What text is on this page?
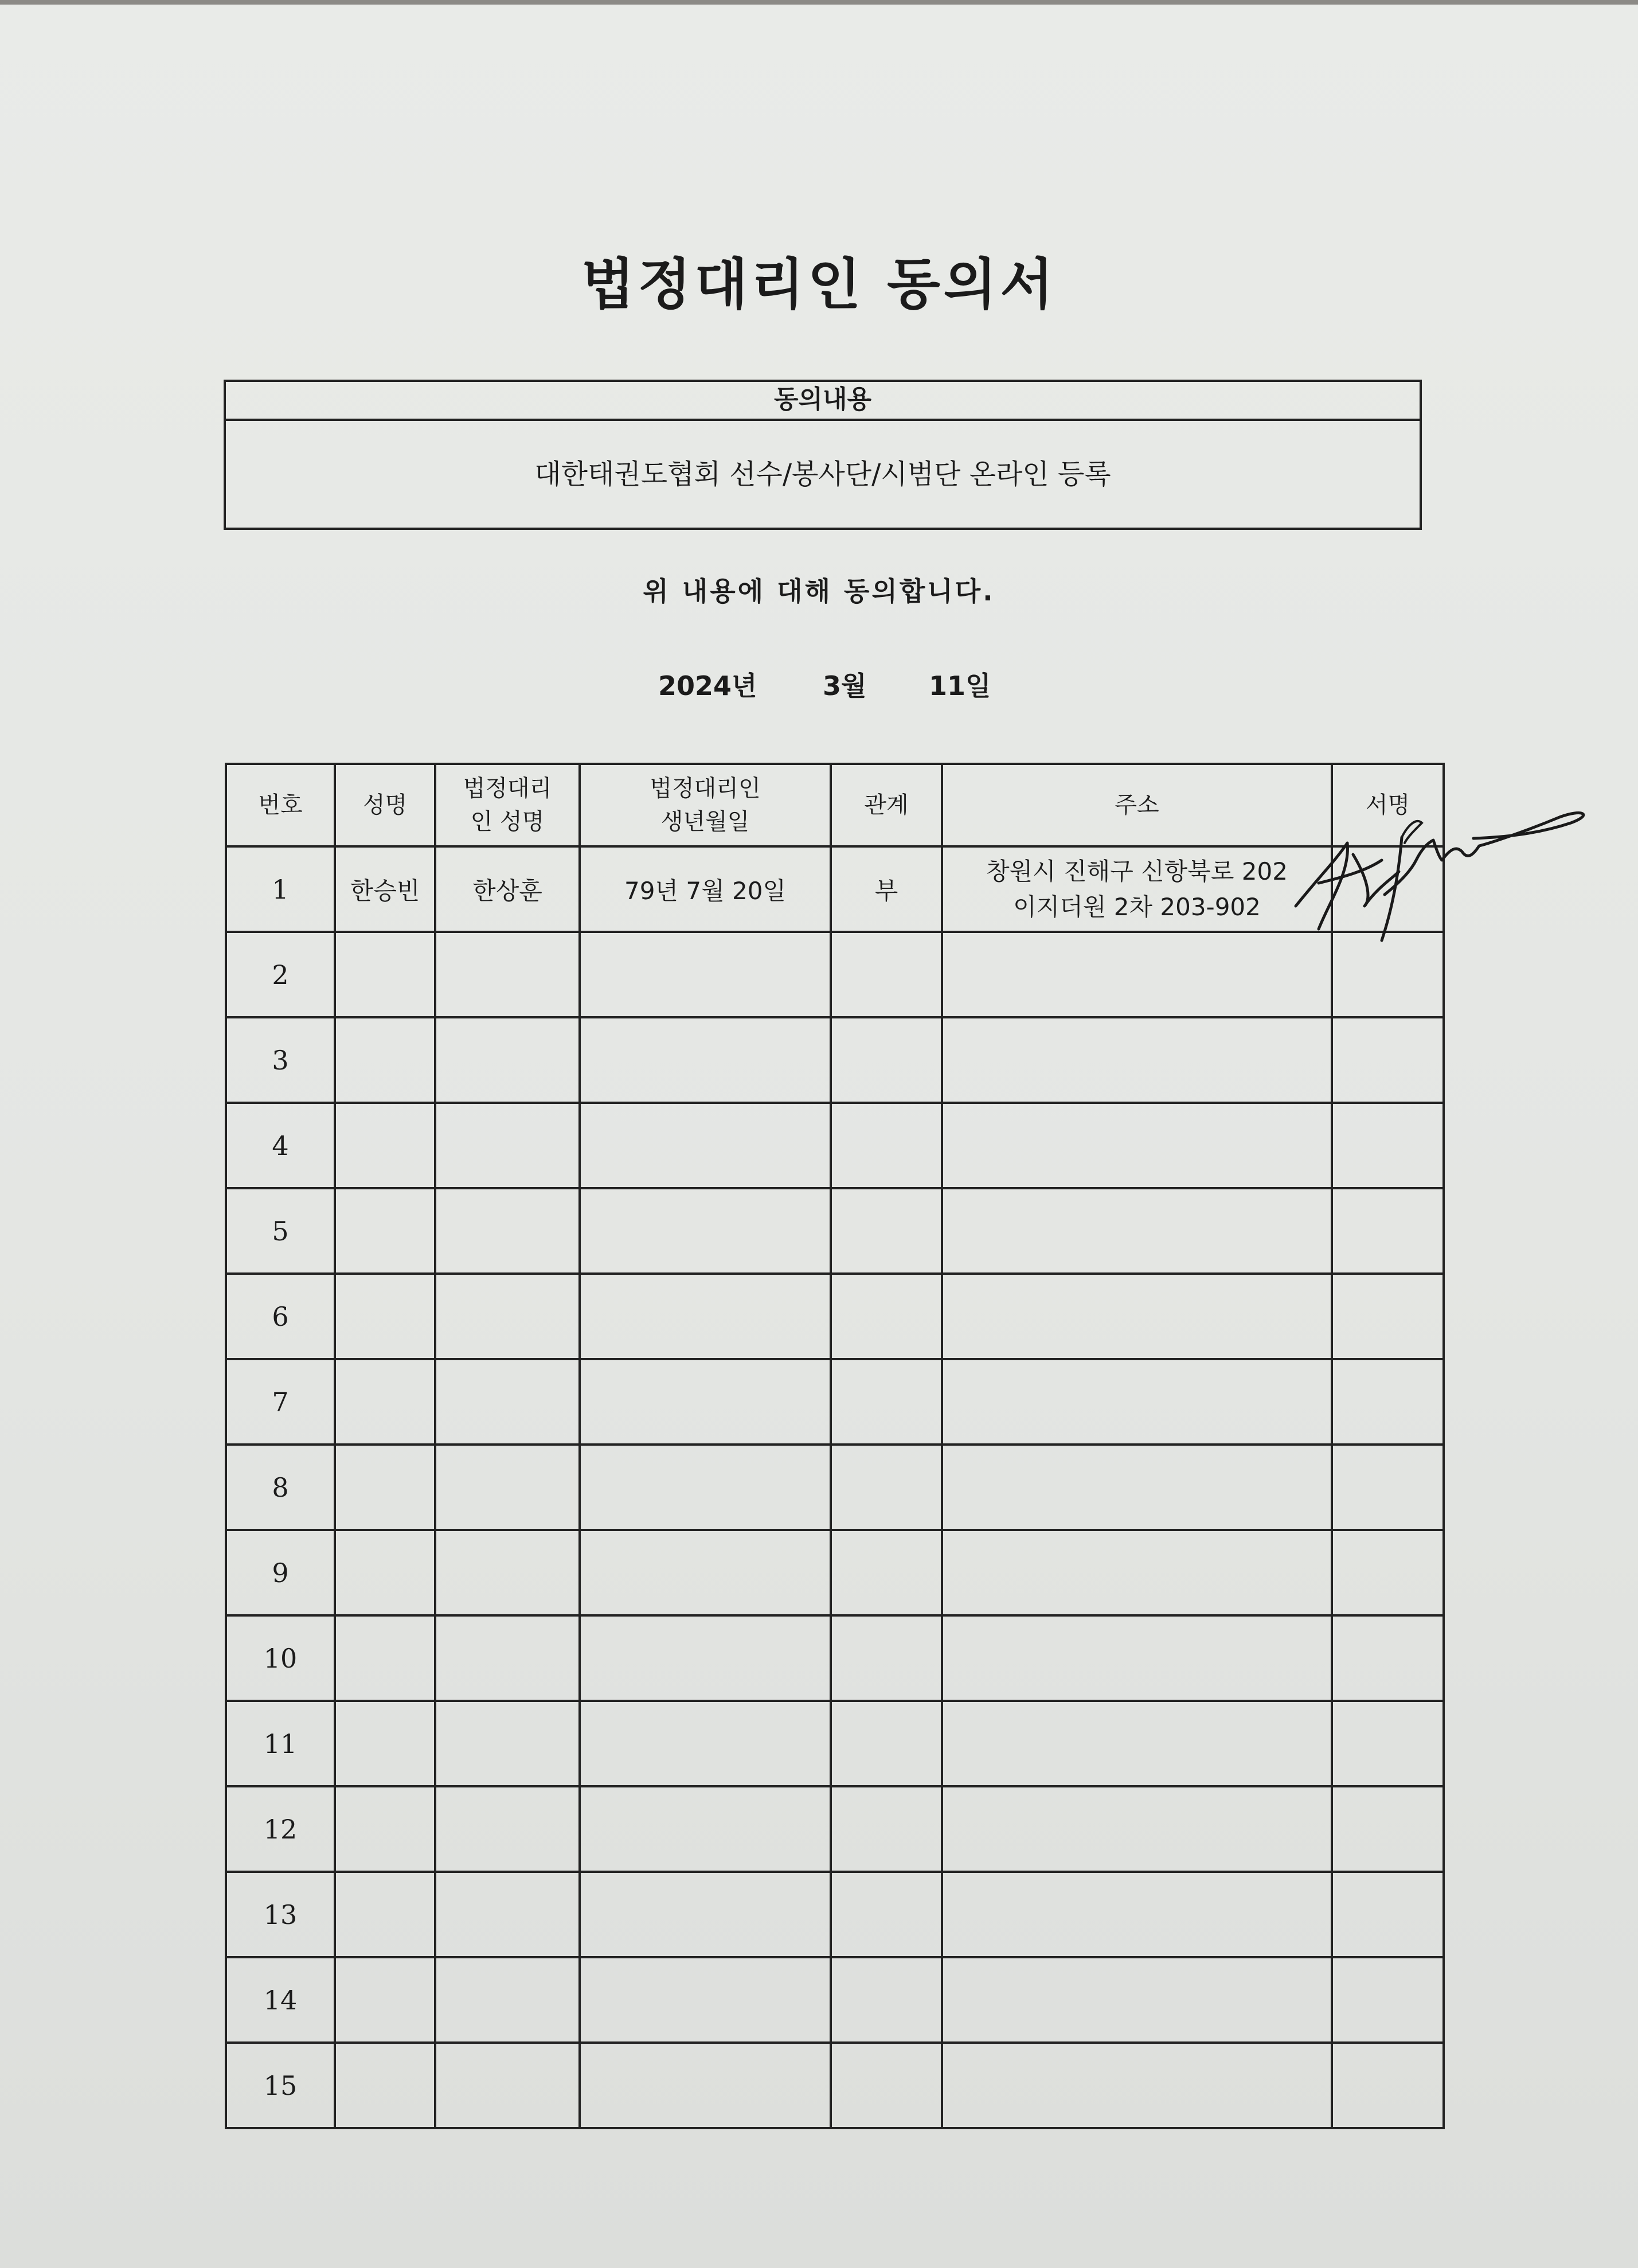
법정대리인 동의서
동의내용
대한태권도협회 선수/봉사단/시범단 온라인 등록
위 내용에 대해 동의합니다.
2024년 3월 11일
번호	성명	법정대리인 성명	법정대리인 생년월일	관계	주소	서명
1	한승빈	한상훈	79년 7월 20일	부	창원시 진해구 신항북로 202
이지더원 2차 203-902	

2						
3						
4						
5						
6						
7						
8						
9						
10						
11						
12						
13						
14						
15						
